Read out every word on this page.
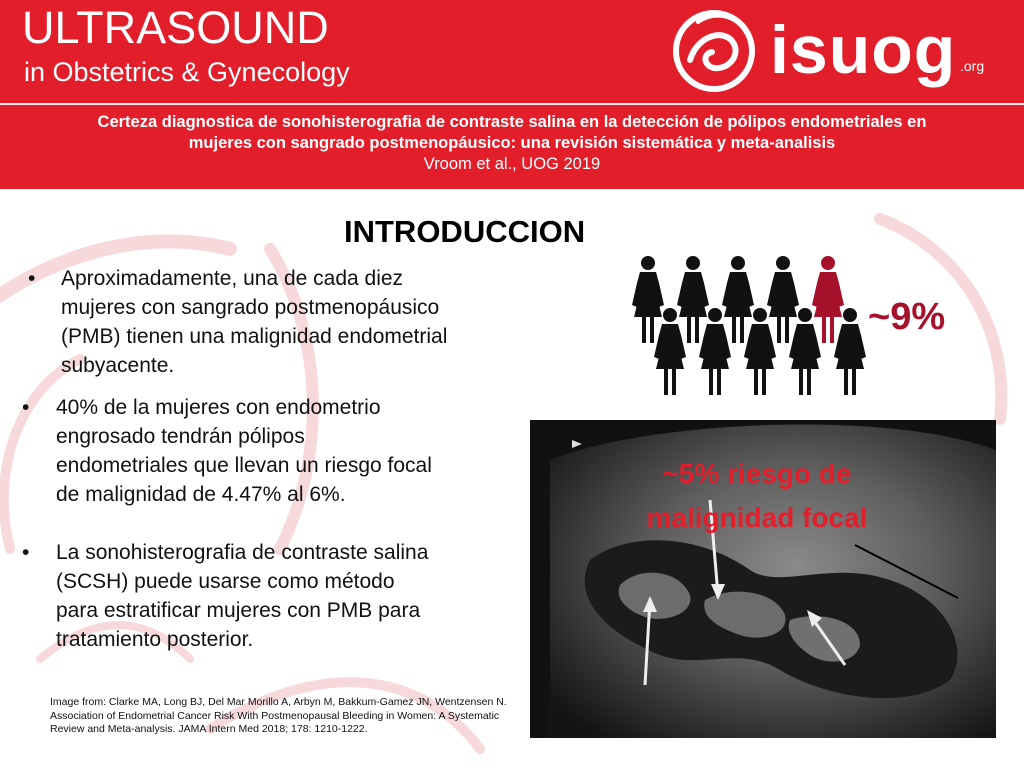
ULTRASOUND
in Obstetrics & Gynecology	isuog .org
Certeza diagnostica de sonohisterografia de contraste salina en la detección de pólipos endometriales en
mujeres con sangrado postmenopáusico: una revisión sistemática y meta-analisis
Vroom et al., UOG 2019
INTRODUCCION
• Aproximadamente, una de cada diez
mujeres con sangrado postmenopáusico
(PMB) tienen una malignidad endometrial
subyacente.
• 40% de la mujeres con endometrio
engrosado tendrán pólipos
endometriales que llevan un riesgo focal
de malignidad de 4.47% al 6%.
• La sonohisterografia de contraste salina
(SCSH) puede usarse como método
para estratificar mujeres con PMB para
tratamiento posterior.
~9%
~5% riesgo de malignidad focal
Image from: Clarke MA, Long BJ, Del Mar Morillo A, Arbyn M, Bakkum-Gamez JN, Wentzensen N. Association of Endometrial Cancer Risk With Postmenopausal Bleeding in Women: A Systematic Review and Meta-analysis. JAMA Intern Med 2018; 178: 1210-1222.
